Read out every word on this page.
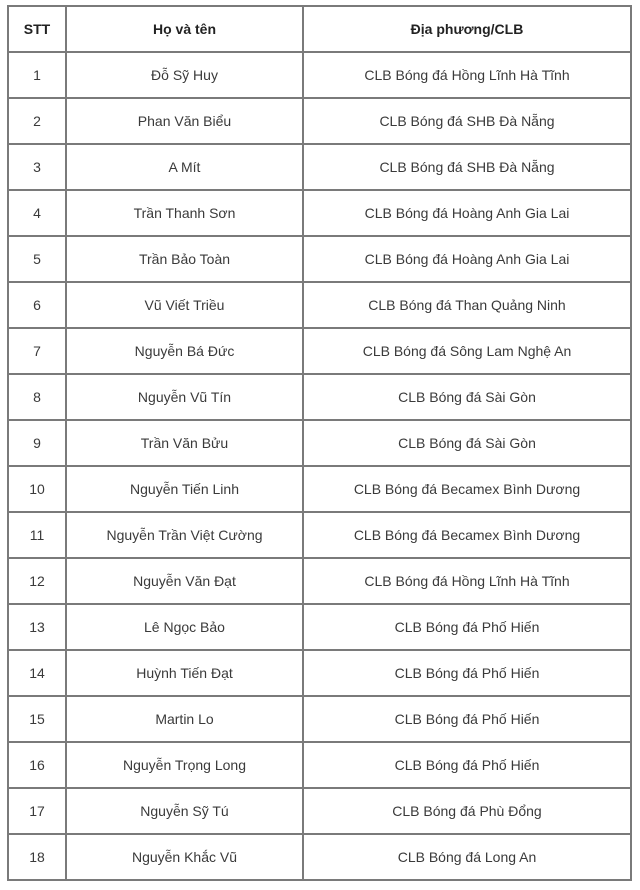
STT	Họ và tên	Địa phương/CLB
1	Đỗ Sỹ Huy	CLB Bóng đá Hồng Lĩnh Hà Tĩnh
2	Phan Văn Biểu	CLB Bóng đá SHB Đà Nẵng
3	A Mít	CLB Bóng đá SHB Đà Nẵng
4	Trần Thanh Sơn	CLB Bóng đá Hoàng Anh Gia Lai
5	Trần Bảo Toàn	CLB Bóng đá Hoàng Anh Gia Lai
6	Vũ Viết Triều	CLB Bóng đá Than Quảng Ninh
7	Nguyễn Bá Đức	CLB Bóng đá Sông Lam Nghệ An
8	Nguyễn Vũ Tín	CLB Bóng đá Sài Gòn
9	Trần Văn Bửu	CLB Bóng đá Sài Gòn
10	Nguyễn Tiến Linh	CLB Bóng đá Becamex Bình Dương
11	Nguyễn Trần Việt Cường	CLB Bóng đá Becamex Bình Dương
12	Nguyễn Văn Đạt	CLB Bóng đá Hồng Lĩnh Hà Tĩnh
13	Lê Ngọc Bảo	CLB Bóng đá Phố Hiến
14	Huỳnh Tiến Đạt	CLB Bóng đá Phố Hiến
15	Martin Lo	CLB Bóng đá Phố Hiến
16	Nguyễn Trọng Long	CLB Bóng đá Phố Hiến
17	Nguyễn Sỹ Tú	CLB Bóng đá Phù Đổng
18	Nguyễn Khắc Vũ	CLB Bóng đá Long An
